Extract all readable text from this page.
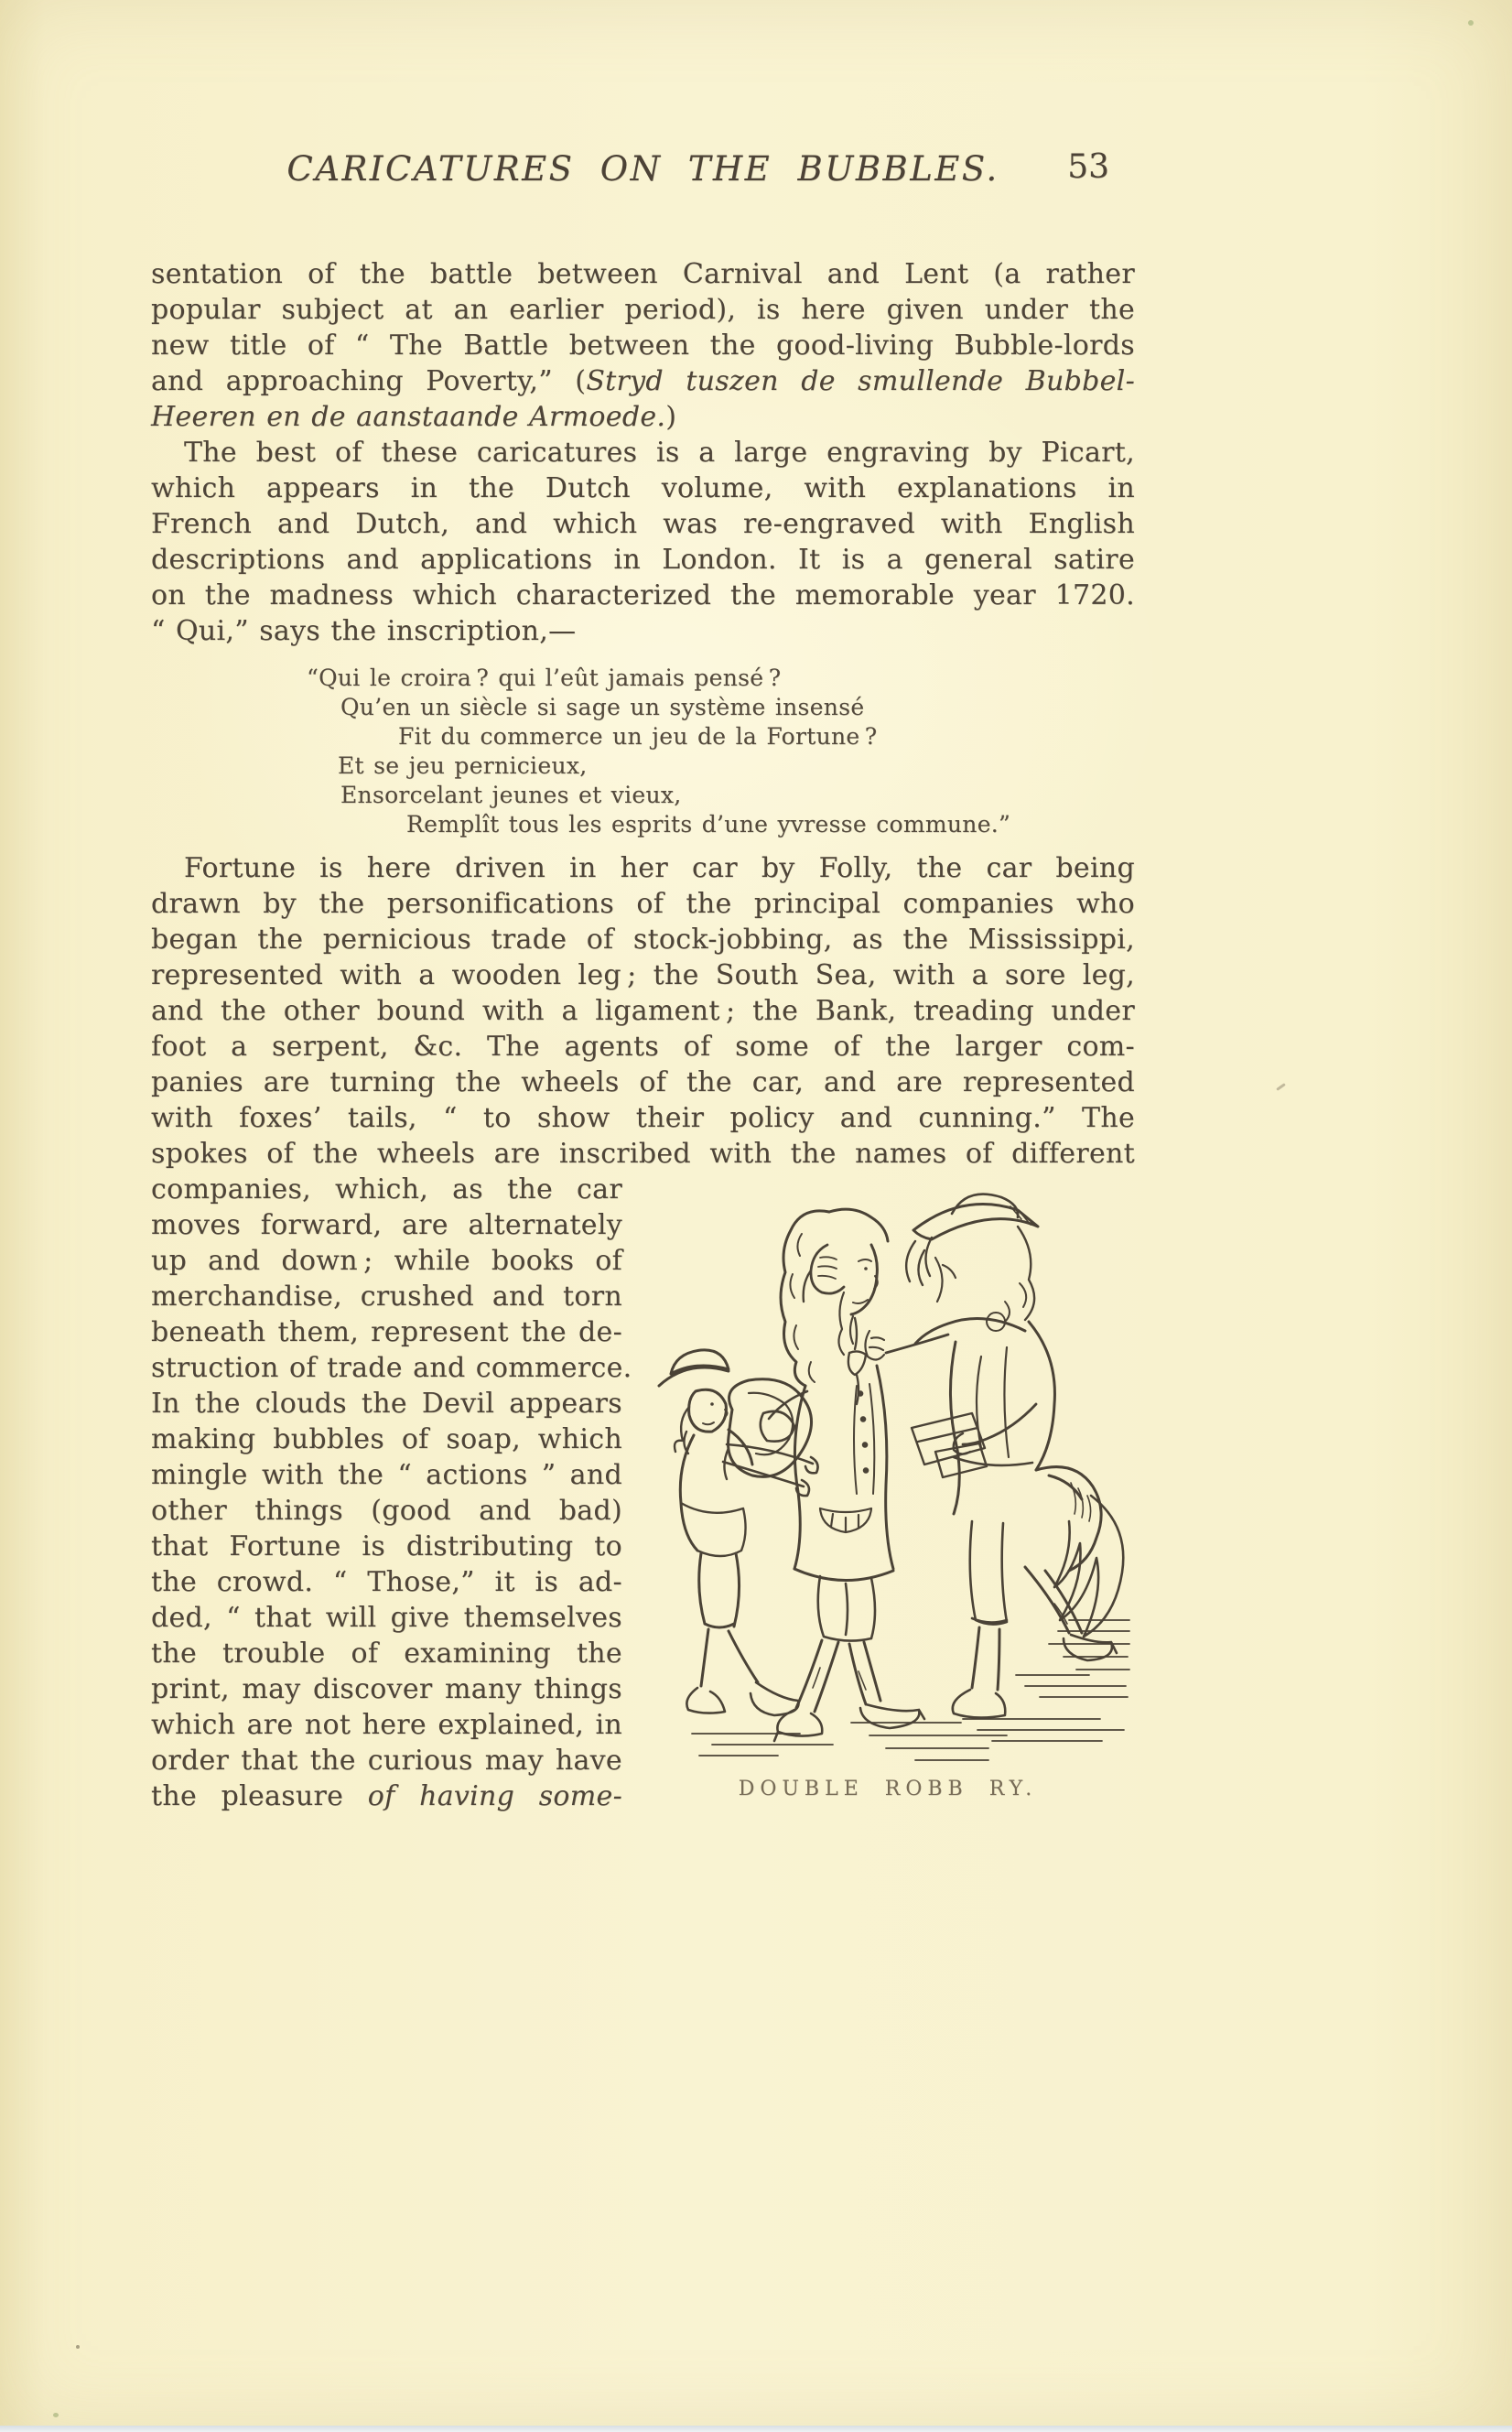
CARICATURES ON THE BUBBLES.	53
sentation of the battle between Carnival and Lent (a rather
popular subject at an earlier period), is here given under the
new title of “ The Battle between the good-living Bubble-lords
and approaching Poverty,” (Stryd tuszen de smullende Bubbel-
Heeren en de aanstaande Armoede.)
The best of these caricatures is a large engraving by Picart,
which appears in the Dutch volume, with explanations in
French and Dutch, and which was re-engraved with English
descriptions and applications in London. It is a general satire
on the madness which characterized the memorable year 1720.
“ Qui,” says the inscription,—
“Qui le croira ? qui l’eût jamais pensé ?
Qu’en un siècle si sage un système insensé
Fit du commerce un jeu de la Fortune ?
Et se jeu pernicieux,
Ensorcelant jeunes et vieux,
Remplît tous les esprits d’une yvresse commune.”
Fortune is here driven in her car by Folly, the car being
drawn by the personifications of the principal companies who
began the pernicious trade of stock-jobbing, as the Mississippi,
represented with a wooden leg ; the South Sea, with a sore leg,
and the other bound with a ligament ; the Bank, treading under
foot a serpent, &c. The agents of some of the larger com-
panies are turning the wheels of the car, and are represented
with foxes’ tails, “ to show their policy and cunning.” The
spokes of the wheels are inscribed with the names of different
companies, which, as the car
moves forward, are alternately
up and down ; while books of
merchandise, crushed and torn
beneath them, represent the de-
struction of trade and commerce.
In the clouds the Devil appears
making bubbles of soap, which
mingle with the “ actions ” and
other things (good and bad)
that Fortune is distributing to
the crowd. “ Those,” it is ad-
ded, “ that will give themselves
the trouble of examining the
print, may discover many things
which are not here explained, in
order that the curious may have
the pleasure of having some-	DOUBLE ROBB RY.
